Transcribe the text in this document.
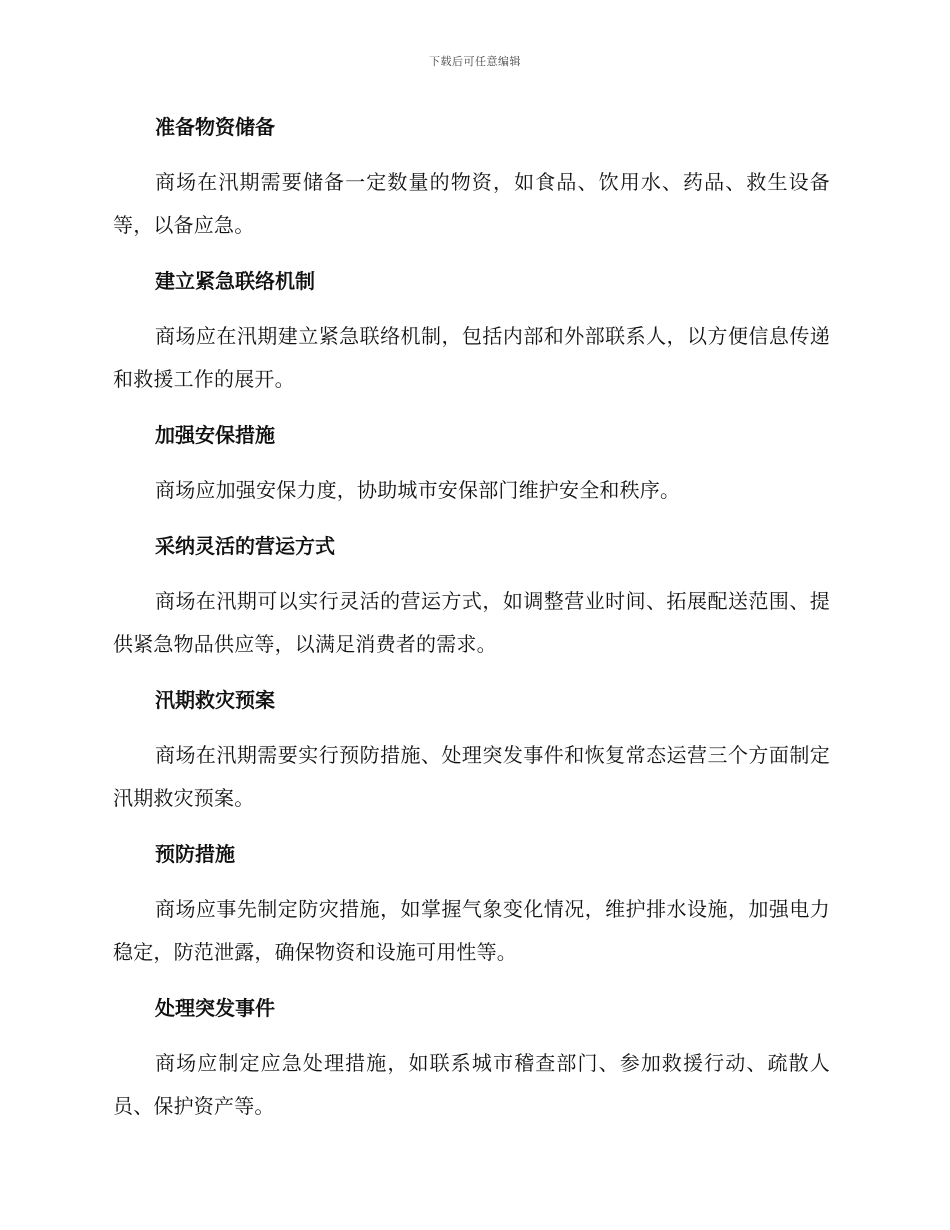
下载后可任意编辑
准备物资储备

商场在汛期需要储备一定数量的物资，如食品、饮用水、药品、救生设备等，以备应急。

建立紧急联络机制

商场应在汛期建立紧急联络机制，包括内部和外部联系人，以方便信息传递和救援工作的展开。

加强安保措施

商场应加强安保力度，协助城市安保部门维护安全和秩序。

采纳灵活的营运方式

商场在汛期可以实行灵活的营运方式，如调整营业时间、拓展配送范围、提供紧急物品供应等，以满足消费者的需求。

汛期救灾预案

商场在汛期需要实行预防措施、处理突发事件和恢复常态运营三个方面制定汛期救灾预案。

预防措施

商场应事先制定防灾措施，如掌握气象变化情况，维护排水设施，加强电力稳定，防范泄露，确保物资和设施可用性等。

处理突发事件

商场应制定应急处理措施，如联系城市稽查部门、参加救援行动、疏散人员、保护资产等。
